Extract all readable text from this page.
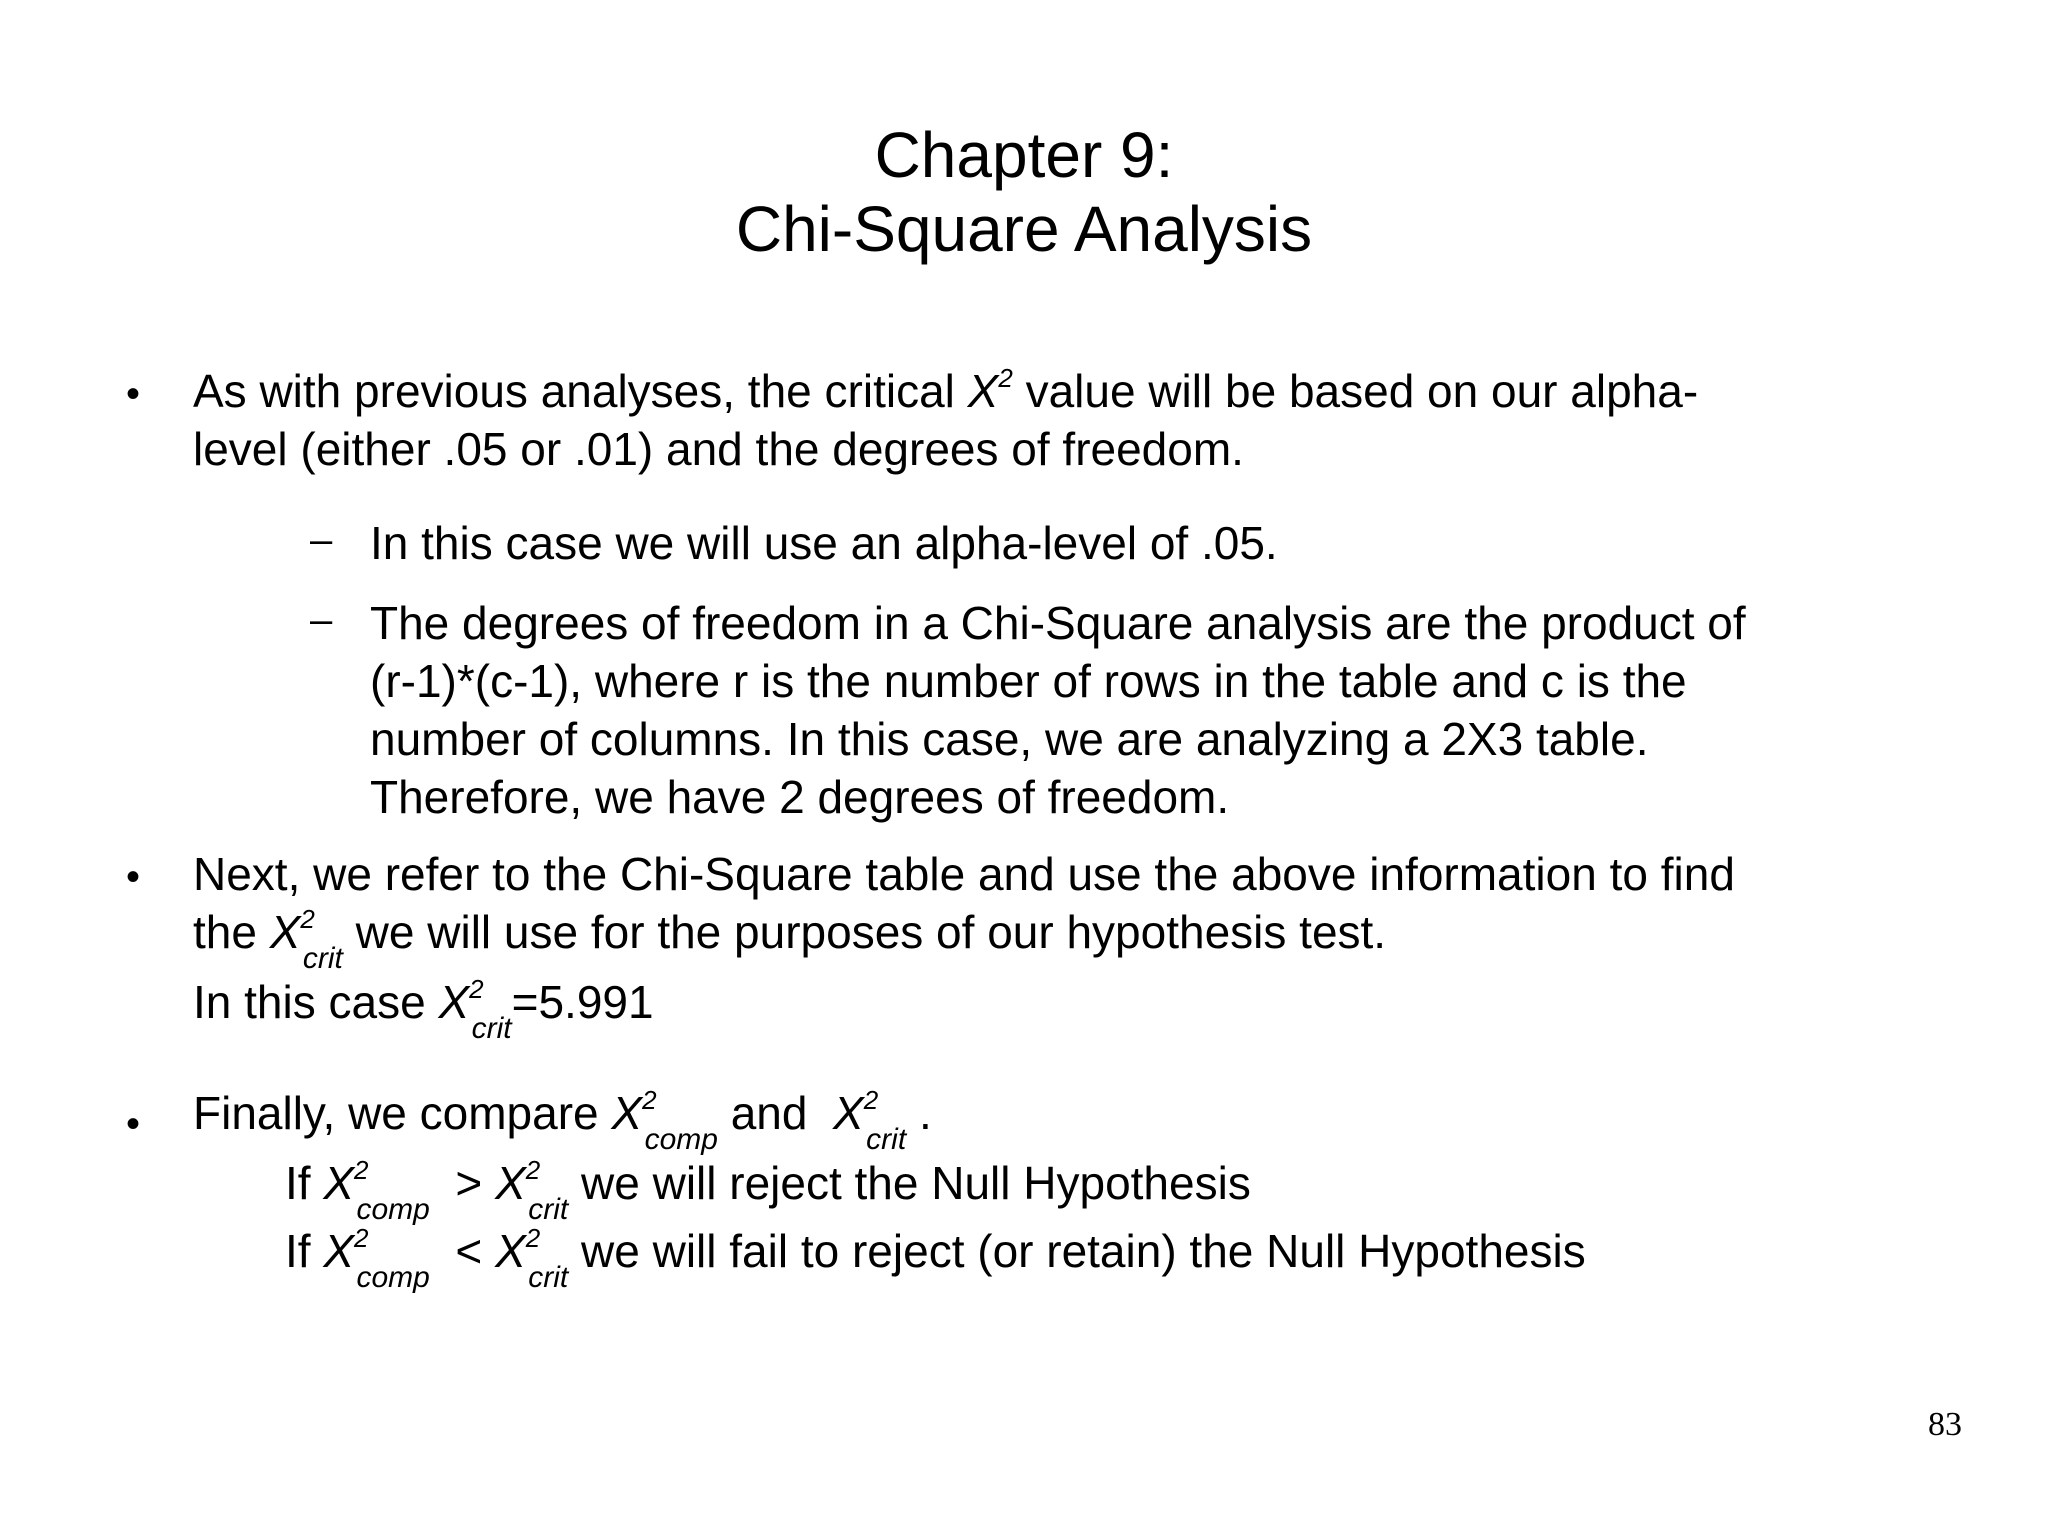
Chapter 9:
Chi-Square Analysis
• As with previous analyses, the critical $X^2$ value will be based on our alpha-
level (either .05 or .01) and the degrees of freedom.
– In this case we will use an alpha-level of .05.
– The degrees of freedom in a Chi-Square analysis are the product of
(r-1)*(c-1), where r is the number of rows in the table and c is the
number of columns. In this case, we are analyzing a 2X3 table.
Therefore, we have 2 degrees of freedom.
• Next, we refer to the Chi-Square table and use the above information to find
the $X^2_{crit}$ we will use for the purposes of our hypothesis test.
In this case $X^2_{crit}=5.991$
• Finally, we compare $X^2_{comp}$ and  $X^2_{crit}$ .
If $X^2_{comp} > X^2_{crit}$ we will reject the Null Hypothesis
If $X^2_{comp} < X^2_{crit}$ we will fail to reject (or retain) the Null Hypothesis
83
